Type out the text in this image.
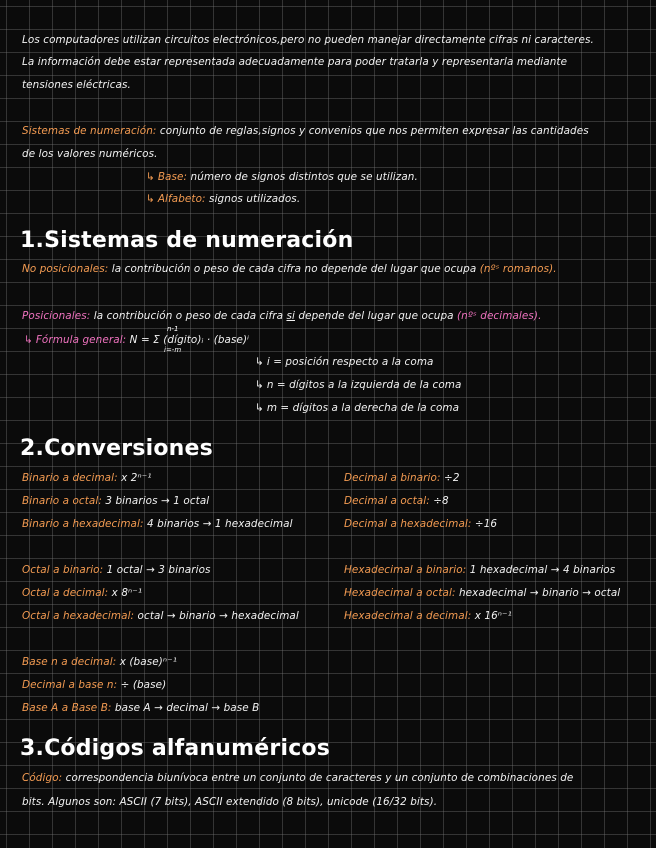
Los computadores utilizan circuitos electrónicos,pero no pueden manejar directamente cifras ni caracteres.
La información debe estar representada adecuadamente para poder tratarla y representarla mediante
tensiones eléctricas.
Sistemas de numeración: conjunto de reglas,signos y convenios que nos permiten expresar las cantidades
de los valores numéricos.
↳ Base: número de signos distintos que se utilizan.
↳ Alfabeto: signos utilizados.
1.Sistemas de numeración
No posicionales: la contribución o peso de cada cifra no depende del lugar que ocupa (nºˢ romanos).
Posicionales: la contribución o peso de cada cifra si depende del lugar que ocupa (nºˢ decimales).
↳ Fórmula general: N = Σ (dígito)ᵢ · (base)ⁱ
n-1
i=-m
↳ i = posición respecto a la coma
↳ n = dígitos a la izquierda de la coma
↳ m = dígitos a la derecha de la coma
2.Conversiones
Binario a decimal: x 2ⁿ⁻¹
Binario a octal: 3 binarios → 1 octal
Binario a hexadecimal: 4 binarios → 1 hexadecimal
Decimal a binario: ÷2
Decimal a octal: ÷8
Decimal a hexadecimal: ÷16
Octal a binario: 1 octal → 3 binarios
Octal a decimal: x 8ⁿ⁻¹
Octal a hexadecimal: octal → binario → hexadecimal
Hexadecimal a binario: 1 hexadecimal → 4 binarios
Hexadecimal a octal: hexadecimal → binario → octal
Hexadecimal a decimal: x 16ⁿ⁻¹
Base n a decimal: x (base)ⁿ⁻¹
Decimal a base n: ÷ (base)
Base A a Base B: base A → decimal → base B
3.Códigos alfanuméricos
Código: correspondencia biunívoca entre un conjunto de caracteres y un conjunto de combinaciones de
bits. Algunos son: ASCII (7 bits), ASCII extendido (8 bits), unicode (16/32 bits).
